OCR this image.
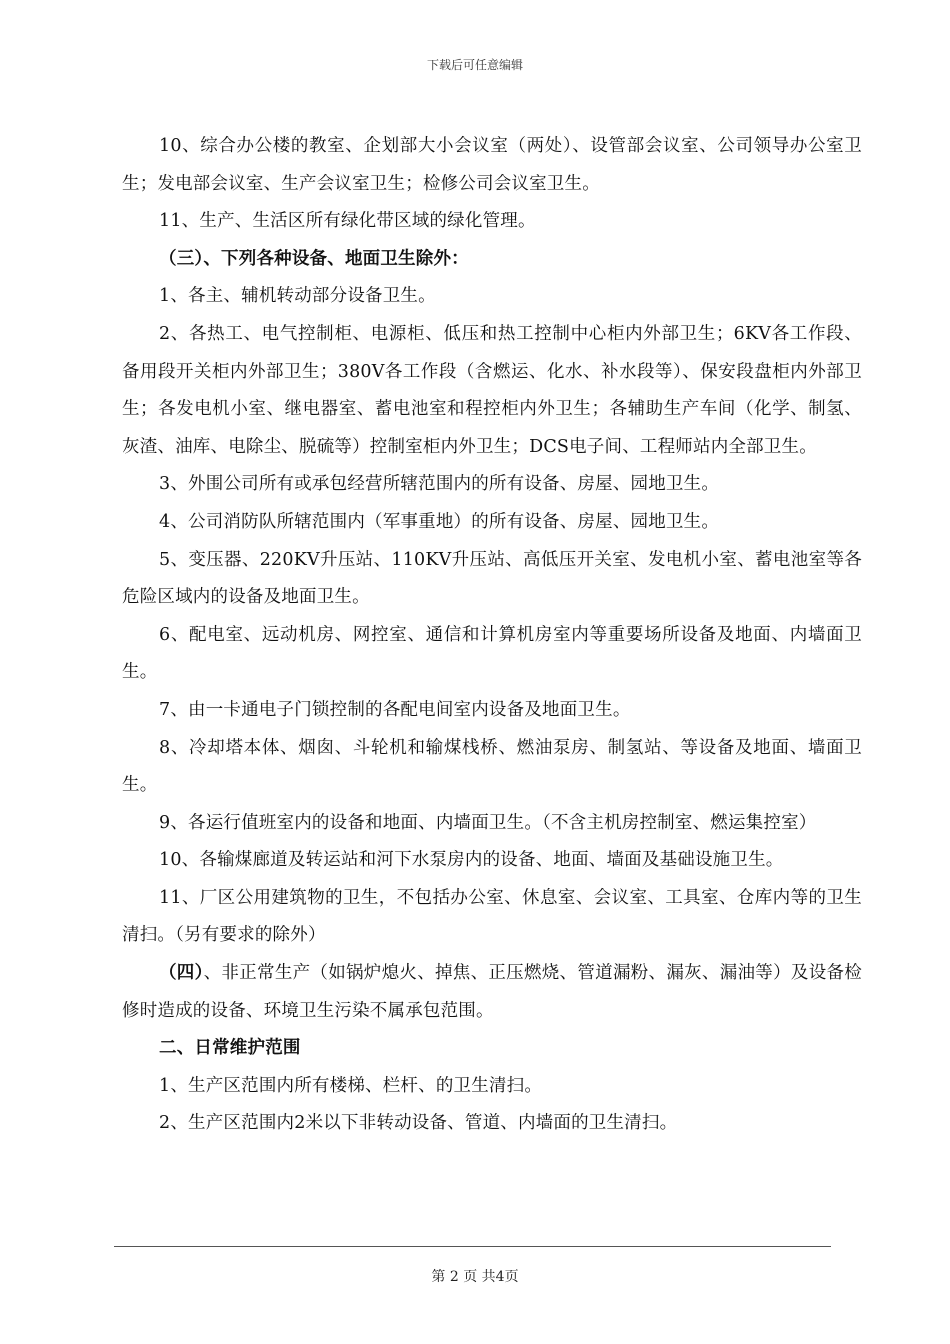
下载后可任意编辑

10、综合办公楼的教室、企划部大小会议室（两处）、设管部会议室、公司领导办公室卫生；发电部会议室、生产会议室卫生；检修公司会议室卫生。

11、生产、生活区所有绿化带区域的绿化管理。

（三）、下列各种设备、地面卫生除外：

1、各主、辅机转动部分设备卫生。

2、各热工、电气控制柜、电源柜、低压和热工控制中心柜内外部卫生；6KV各工作段、备用段开关柜内外部卫生；380V各工作段（含燃运、化水、补水段等）、保安段盘柜内外部卫生；各发电机小室、继电器室、蓄电池室和程控柜内外卫生；各辅助生产车间（化学、制氢、灰渣、油库、电除尘、脱硫等）控制室柜内外卫生；DCS电子间、工程师站内全部卫生。

3、外围公司所有或承包经营所辖范围内的所有设备、房屋、园地卫生。

4、公司消防队所辖范围内（军事重地）的所有设备、房屋、园地卫生。

5、变压器、220KV升压站、110KV升压站、高低压开关室、发电机小室、蓄电池室等各危险区域内的设备及地面卫生。

6、配电室、远动机房、网控室、通信和计算机房室内等重要场所设备及地面、内墙面卫生。

7、由一卡通电子门锁控制的各配电间室内设备及地面卫生。

8、冷却塔本体、烟囱、斗轮机和输煤栈桥、燃油泵房、制氢站、等设备及地面、墙面卫生。

9、各运行值班室内的设备和地面、内墙面卫生。（不含主机房控制室、燃运集控室）

10、各输煤廊道及转运站和河下水泵房内的设备、地面、墙面及基础设施卫生。

11、厂区公用建筑物的卫生，不包括办公室、休息室、会议室、工具室、仓库内等的卫生清扫。（另有要求的除外）

（四）、非正常生产（如锅炉熄火、掉焦、正压燃烧、管道漏粉、漏灰、漏油等）及设备检修时造成的设备、环境卫生污染不属承包范围。

二、日常维护范围

1、生产区范围内所有楼梯、栏杆、的卫生清扫。

2、生产区范围内2米以下非转动设备、管道、内墙面的卫生清扫。

第 2 页 共4页
